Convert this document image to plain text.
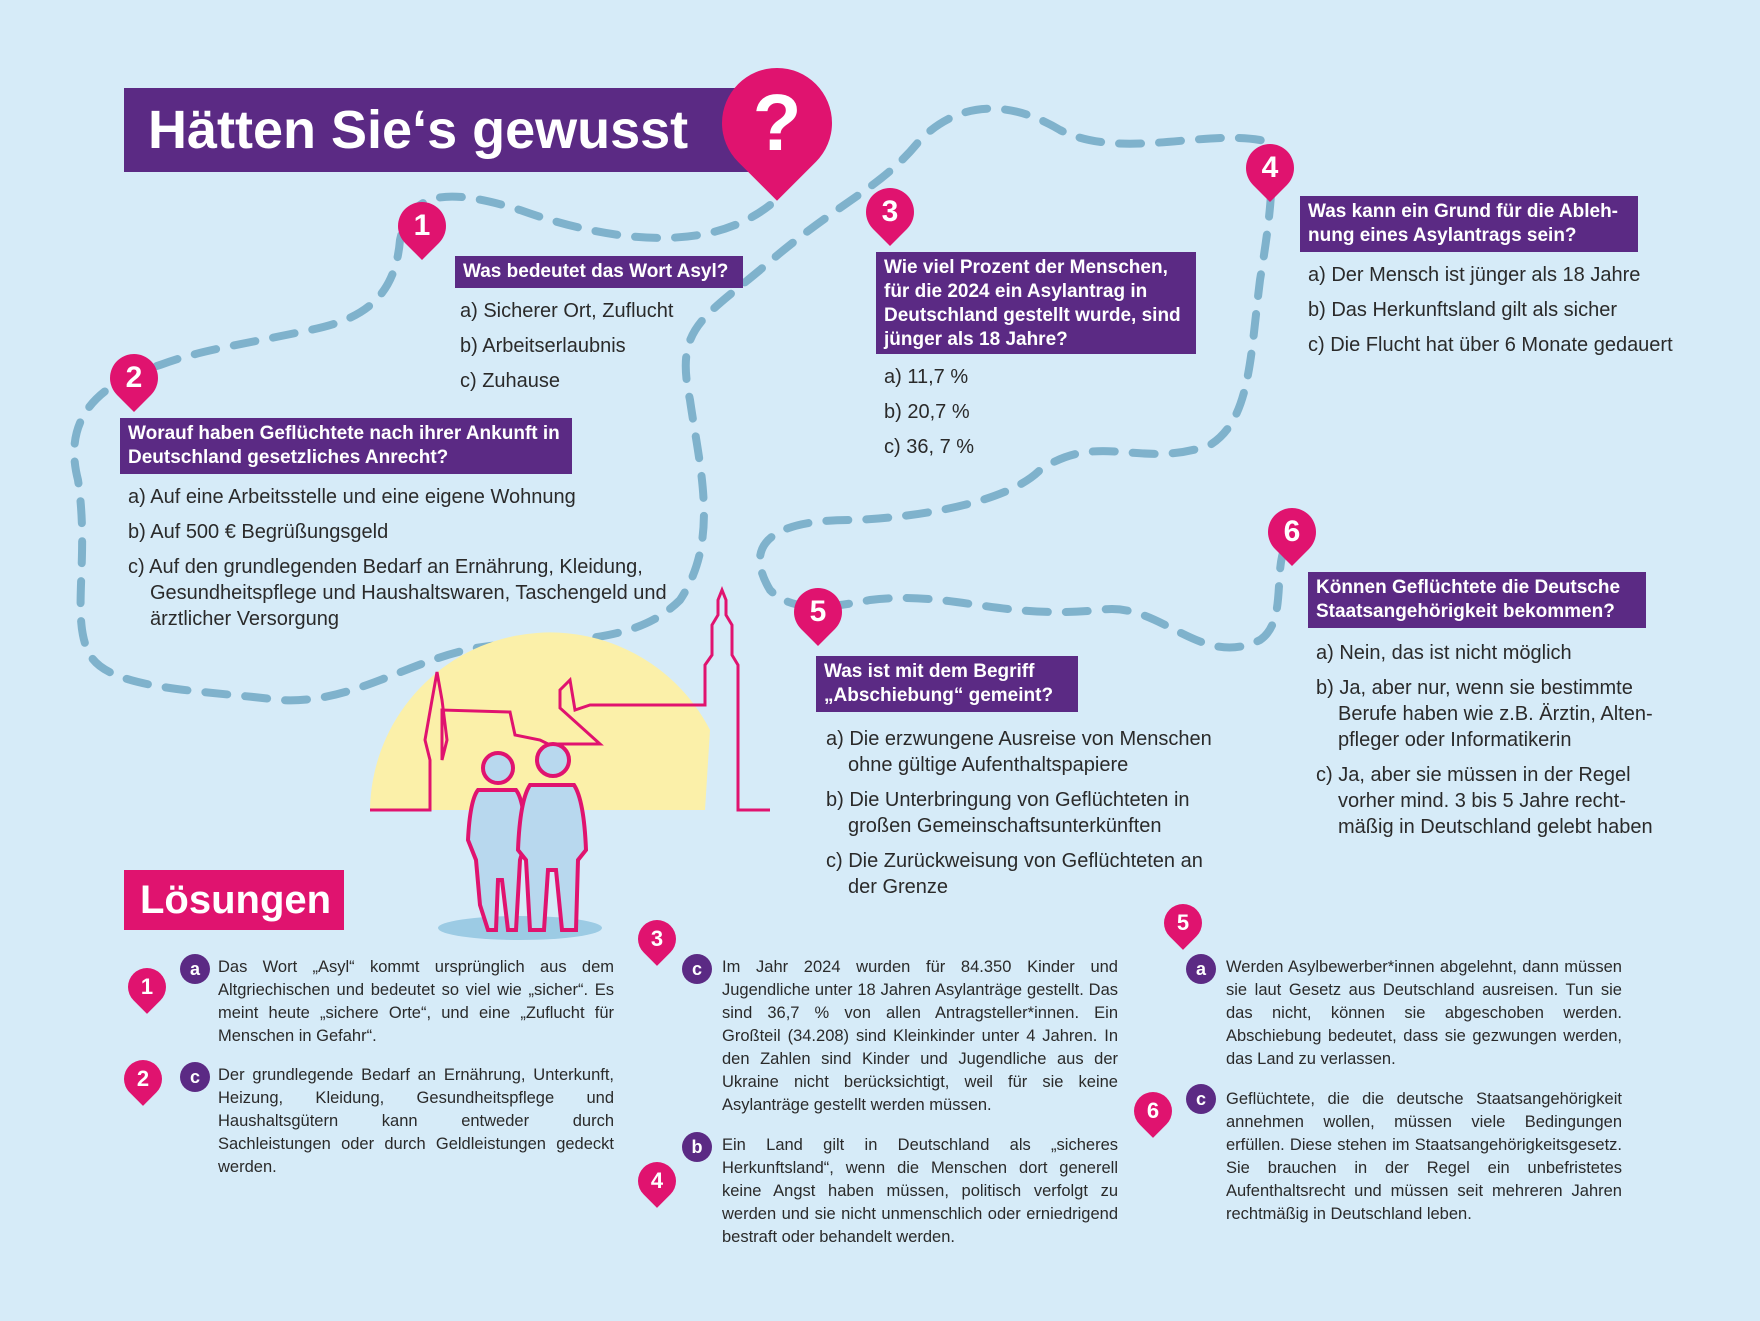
Hätten Sie‘s gewusst ?
1
Was bedeutet das Wort Asyl?
a) Sicherer Ort, Zuflucht
b) Arbeitserlaubnis
c) Zuhause
2
Worauf haben Geflüchtete nach ihrer Ankunft in Deutschland gesetzliches Anrecht?
a) Auf eine Arbeitsstelle und eine eigene Wohnung
b) Auf 500 € Begrüßungsgeld
c) Auf den grundlegenden Bedarf an Ernährung, Kleidung, Gesundheitspflege und Haushaltswaren, Taschengeld und ärztlicher Versorgung
3
Wie viel Prozent der Menschen, für die 2024 ein Asylantrag in Deutschland gestellt wurde, sind jünger als 18 Jahre?
a) 11,7 %
b) 20,7 %
c) 36, 7 %
4
Was kann ein Grund für die Ableh- nung eines Asylantrags sein?
a) Der Mensch ist jünger als 18 Jahre
b) Das Herkunftsland gilt als sicher
c) Die Flucht hat über 6 Monate gedauert
5
Was ist mit dem Begriff „Abschiebung“ gemeint?
a) Die erzwungene Ausreise von Menschen ohne gültige Aufenthaltspapiere
b) Die Unterbringung von Geflüchteten in großen Gemeinschaftsunterkünften
c) Die Zurückweisung von Geflüchteten an der Grenze
6
Können Geflüchtete die Deutsche Staatsangehörigkeit bekommen?
a) Nein, das ist nicht möglich
b) Ja, aber nur, wenn sie bestimmte Berufe haben wie z.B. Ärztin, Alten- pfleger oder Informatikerin
c) Ja, aber sie müssen in der Regel vorher mind. 3 bis 5 Jahre recht- mäßig in Deutschland gelebt haben
Lösungen
1
a	Das Wort „Asyl“ kommt ursprünglich aus dem Altgriechischen und bedeutet so viel wie „sicher“. Es meint heute „sichere Orte“, und eine „Zuflucht für Menschen in Gefahr“.
2	c	Der grundlegende Bedarf an Ernährung, Unterkunft, Heizung, Kleidung, Gesundheitspflege und Haushaltsgütern kann entweder durch Sachleistungen oder durch Geldleistungen gedeckt werden.
3
c	Im Jahr 2024 wurden für 84.350 Kinder und Jugendliche unter 18 Jahren Asylanträge gestellt. Das sind 36,7 % von allen Antragsteller*innen. Ein Großteil (34.208) sind Kleinkinder unter 4 Jahren. In den Zahlen sind Kinder und Jugendliche aus der Ukraine nicht berücksichtigt, weil für sie keine Asylanträge gestellt werden müssen.
4
b	Ein Land gilt in Deutschland als „sicheres Herkunftsland“, wenn die Menschen dort generell keine Angst haben müssen, politisch verfolgt zu werden und sie nicht unmenschlich oder erniedrigend bestraft oder behandelt werden.
5
a	Werden Asylbewerber*innen abgelehnt, dann müssen sie laut Gesetz aus Deutschland ausreisen. Tun sie das nicht, können sie abgeschoben werden. Abschiebung bedeutet, dass sie gezwungen werden, das Land zu verlassen.
6	c	Geflüchtete, die die deutsche Staatsangehörigkeit annehmen wollen, müssen viele Bedingungen erfüllen. Diese stehen im Staatsangehörigkeitsgesetz. Sie brauchen in der Regel ein unbefristetes Aufenthaltsrecht und müssen seit mehreren Jahren rechtmäßig in Deutschland leben.
